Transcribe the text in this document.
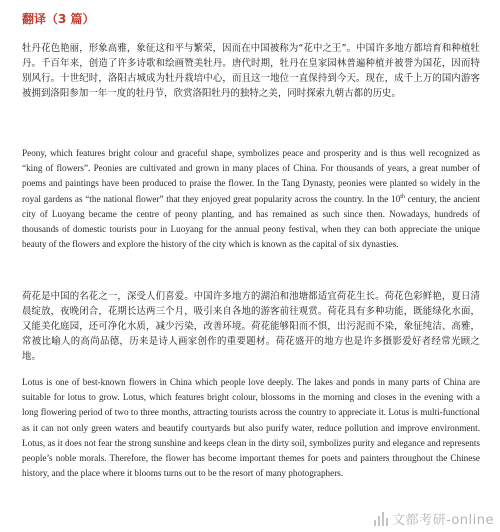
翻译（3 篇）

牡丹花色艳丽，形象高雅，象征这和平与繁荣，因而在中国被称为“花中之王”。中国许多地方都培育和种植牡丹。千百年来，创造了许多诗歌和绘画赞美牡丹。唐代时期，牡丹在皇家园林普遍种植并被誉为国花，因而特别风行。十世纪时，洛阳古城成为牡丹栽培中心，而且这一地位一直保持到今天。现在，成千上万的国内游客被拥到洛阳参加一年一度的牡丹节，欣赏洛阳牡丹的独特之美，同时探索九朝古都的历史。

Peony, which features bright colour and graceful shape, symbolizes peace and prosperity and is thus well recognized as “king of flowers”. Peonies are cultivated and grown in many places of China. For thousands of years, a great number of poems and paintings have been produced to praise the flower. In the Tang Dynasty, peonies were planted so widely in the royal gardens as “the national flower” that they enjoyed great popularity across the country. In the 10th century, the ancient city of Luoyang became the centre of peony planting, and has remained as such since then. Nowadays, hundreds of thousands of domestic tourists pour in Luoyang for the annual peony festival, when they can both appreciate the unique beauty of the flowers and explore the history of the city which is known as the capital of six dynasties.

荷花是中国的名花之一，深受人们喜爱。中国许多地方的湖泊和池塘都适宜荷花生长。荷花色彩鲜艳，夏日清晨绽放，夜晚闭合，花期长达两三个月，吸引来自各地的游客前往观赏。荷花具有多种功能，既能绿化水面，又能美化庭园，还可净化水质，减少污染，改善环境。荷花能够阳而不惧，出污泥而不染，象征纯洁、高雅，常被比喻人的高尚品德，历来是诗人画家创作的重要题材。荷花盛开的地方也是许多摄影爱好者经常光顾之地。

Lotus is one of best-known flowers in China which people love deeply. The lakes and ponds in many parts of China are suitable for lotus to grow. Lotus, which features bright colour, blossoms in the morning and closes in the evening with a long flowering period of two to three months, attracting tourists across the country to appreciate it. Lotus is multi-functional as it can not only green waters and beautify courtyards but also purify water, reduce pollution and improve environment. Lotus, as it does not fear the strong sunshine and keeps clean in the dirty soil, symbolizes purity and elegance and represents people’s noble morals. Therefore, the flower has become important themes for poets and painters throughout the Chinese history, and the place where it blooms turns out to be the resort of many photographers.

文都考研-online
